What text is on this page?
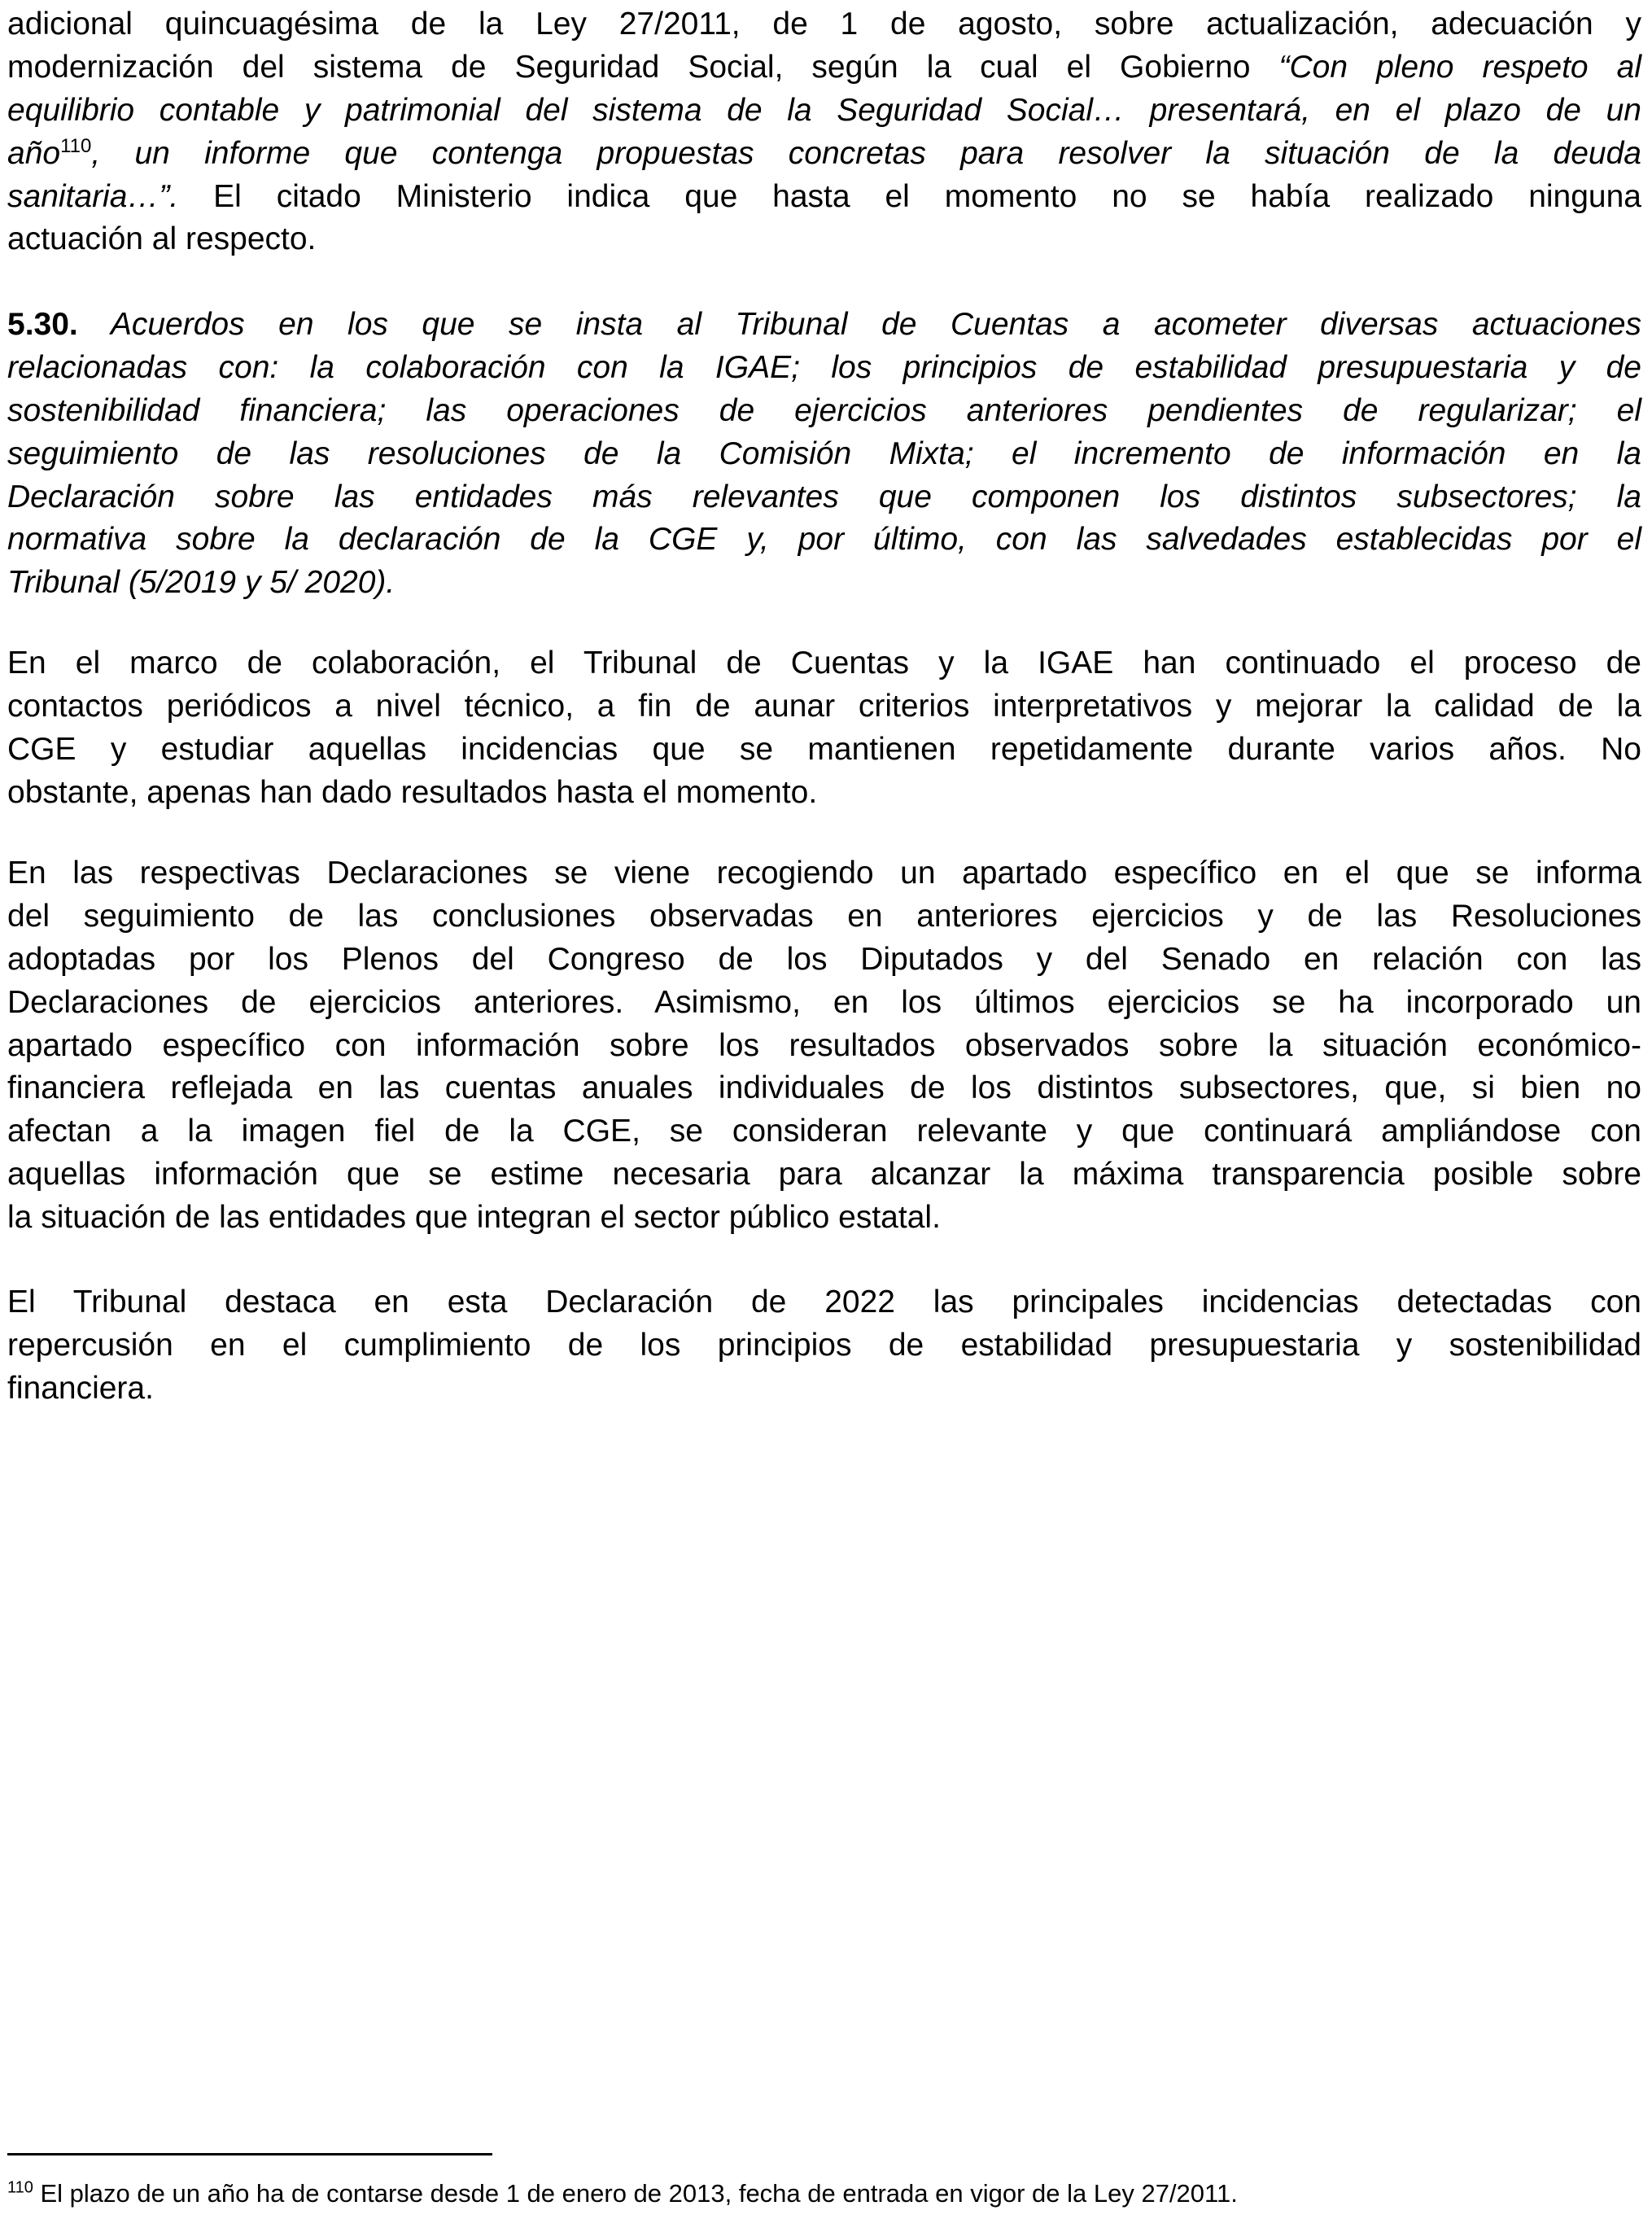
adicional quincuagésima de la Ley 27/2011, de 1 de agosto, sobre actualización, adecuación y
modernización del sistema de Seguridad Social, según la cual el Gobierno “Con pleno respeto al
equilibrio contable y patrimonial del sistema de la Seguridad Social… presentará, en el plazo de un
año$^{110}$, un informe que contenga propuestas concretas para resolver la situación de la deuda
sanitaria…”. El citado Ministerio indica que hasta el momento no se había realizado ninguna
actuación al respecto.
5.30. Acuerdos en los que se insta al Tribunal de Cuentas a acometer diversas actuaciones
relacionadas con: la colaboración con la IGAE; los principios de estabilidad presupuestaria y de
sostenibilidad financiera; las operaciones de ejercicios anteriores pendientes de regularizar; el
seguimiento de las resoluciones de la Comisión Mixta; el incremento de información en la
Declaración sobre las entidades más relevantes que componen los distintos subsectores; la
normativa sobre la declaración de la CGE y, por último, con las salvedades establecidas por el
Tribunal (5/2019 y 5/ 2020).
En el marco de colaboración, el Tribunal de Cuentas y la IGAE han continuado el proceso de
contactos periódicos a nivel técnico, a fin de aunar criterios interpretativos y mejorar la calidad de la
CGE y estudiar aquellas incidencias que se mantienen repetidamente durante varios años. No
obstante, apenas han dado resultados hasta el momento.
En las respectivas Declaraciones se viene recogiendo un apartado específico en el que se informa
del seguimiento de las conclusiones observadas en anteriores ejercicios y de las Resoluciones
adoptadas por los Plenos del Congreso de los Diputados y del Senado en relación con las
Declaraciones de ejercicios anteriores. Asimismo, en los últimos ejercicios se ha incorporado un
apartado específico con información sobre los resultados observados sobre la situación económico-
financiera reflejada en las cuentas anuales individuales de los distintos subsectores, que, si bien no
afectan a la imagen fiel de la CGE, se consideran relevante y que continuará ampliándose con
aquellas información que se estime necesaria para alcanzar la máxima transparencia posible sobre
la situación de las entidades que integran el sector público estatal.
El Tribunal destaca en esta Declaración de 2022 las principales incidencias detectadas con
repercusión en el cumplimiento de los principios de estabilidad presupuestaria y sostenibilidad
financiera.
$^{110}$ El plazo de un año ha de contarse desde 1 de enero de 2013, fecha de entrada en vigor de la Ley 27/2011.
